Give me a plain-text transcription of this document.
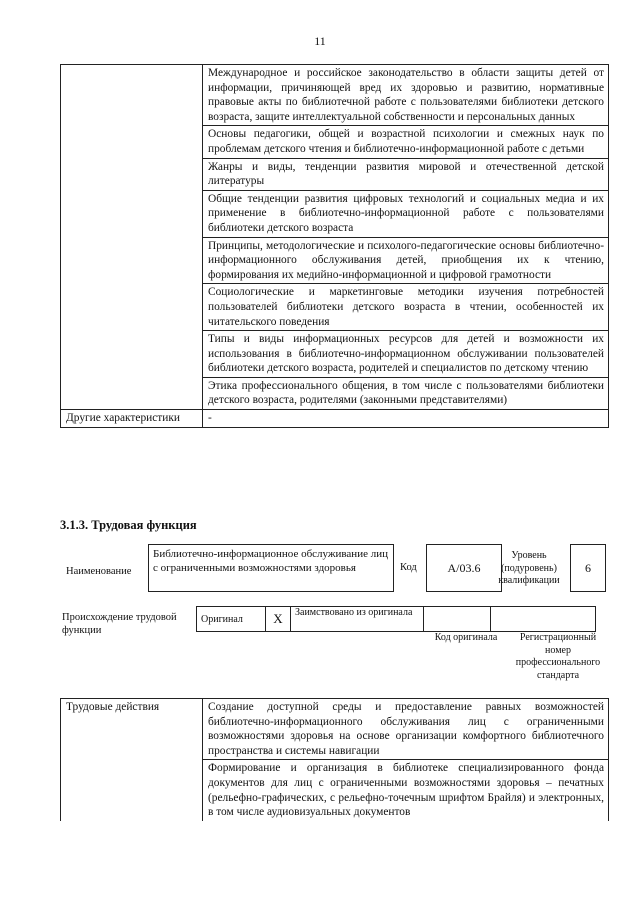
11
	Международное и российское законодательство в области защиты детей от информации, причиняющей вред их здоровью и развитию, нормативные правовые акты по библиотечной работе с пользователями библиотеки детского возраста, защите интеллектуальной собственности и персональных данных
	Основы педагогики, общей и возрастной психологии и смежных наук по проблемам детского чтения и библиотечно-информационной работе с детьми
	Жанры и виды, тенденции развития мировой и отечественной детской литературы
	Общие тенденции развития цифровых технологий и социальных медиа и их применение в библиотечно-информационной работе с пользователями библиотеки детского возраста
	Принципы, методологические и психолого-педагогические основы библиотечно-информационного обслуживания детей, приобщения их к чтению, формирования их медийно-информационной и цифровой грамотности
	Социологические и маркетинговые методики изучения потребностей пользователей библиотеки детского возраста в чтении, особенностей их читательского поведения
	Типы и виды информационных ресурсов для детей и возможности их использования в библиотечно-информационном обслуживании пользователей библиотеки детского возраста, родителей и специалистов по детскому чтению
	Этика профессионального общения, в том числе с пользователями библиотеки детского возраста, родителями (законными представителями)
Другие характеристики	-
3.1.3. Трудовая функция
Наименование
Библиотечно-информационное обслуживание лиц с ограниченными возможностями здоровья	Код	A/03.6
Уровень (подуровень) квалификации
6
Происхождение трудовой функции
Оригинал	X	Заимствовано из оригинала		
Код оригинала	Регистрационный номер профессионального стандарта
Трудовые действия	Создание доступной среды и предоставление равных возможностей библиотечно-информационного обслуживания лиц с ограниченными возможностями здоровья на основе организации комфортного библиотечного пространства и системы навигации
Формирование и организация в библиотеке специализированного фонда документов для лиц с ограниченными возможностями здоровья – печатных (рельефно-графических, с рельефно-точечным шрифтом Брайля) и электронных, в том числе аудиовизуальных документов
